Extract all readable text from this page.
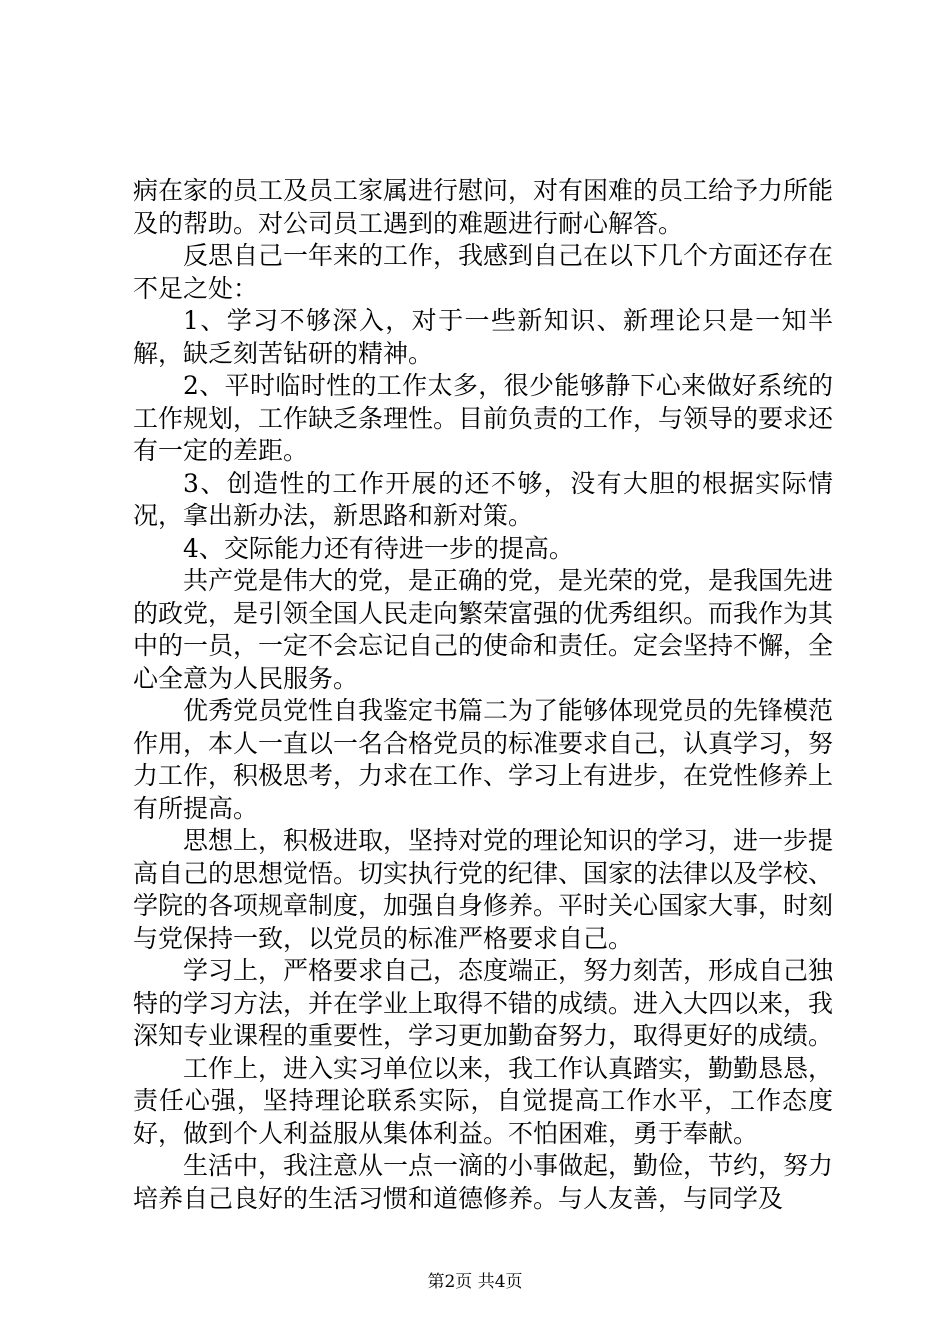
病在家的员工及员工家属进行慰问，对有困难的员工给予力所能及的帮助。对公司员工遇到的难题进行耐心解答。

反思自己一年来的工作，我感到自己在以下几个方面还存在不足之处：

1、学习不够深入，对于一些新知识、新理论只是一知半解，缺乏刻苦钻研的精神。

2、平时临时性的工作太多，很少能够静下心来做好系统的工作规划，工作缺乏条理性。目前负责的工作，与领导的要求还有一定的差距。

3、创造性的工作开展的还不够，没有大胆的根据实际情况，拿出新办法，新思路和新对策。

4、交际能力还有待进一步的提高。

共产党是伟大的党，是正确的党，是光荣的党，是我国先进的政党，是引领全国人民走向繁荣富强的优秀组织。而我作为其中的一员，一定不会忘记自己的使命和责任。定会坚持不懈，全心全意为人民服务。

优秀党员党性自我鉴定书篇二为了能够体现党员的先锋模范作用，本人一直以一名合格党员的标准要求自己，认真学习，努力工作，积极思考，力求在工作、学习上有进步，在党性修养上有所提高。

思想上，积极进取，坚持对党的理论知识的学习，进一步提高自己的思想觉悟。切实执行党的纪律、国家的法律以及学校、学院的各项规章制度，加强自身修养。平时关心国家大事，时刻与党保持一致，以党员的标准严格要求自己。

学习上，严格要求自己，态度端正，努力刻苦，形成自己独特的学习方法，并在学业上取得不错的成绩。进入大四以来，我深知专业课程的重要性，学习更加勤奋努力，取得更好的成绩。

工作上，进入实习单位以来，我工作认真踏实，勤勤恳恳，责任心强，坚持理论联系实际，自觉提高工作水平，工作态度好，做到个人利益服从集体利益。不怕困难，勇于奉献。

生活中，我注意从一点一滴的小事做起，勤俭，节约，努力培养自己良好的生活习惯和道德修养。与人友善，与同学及

第2页 共4页
